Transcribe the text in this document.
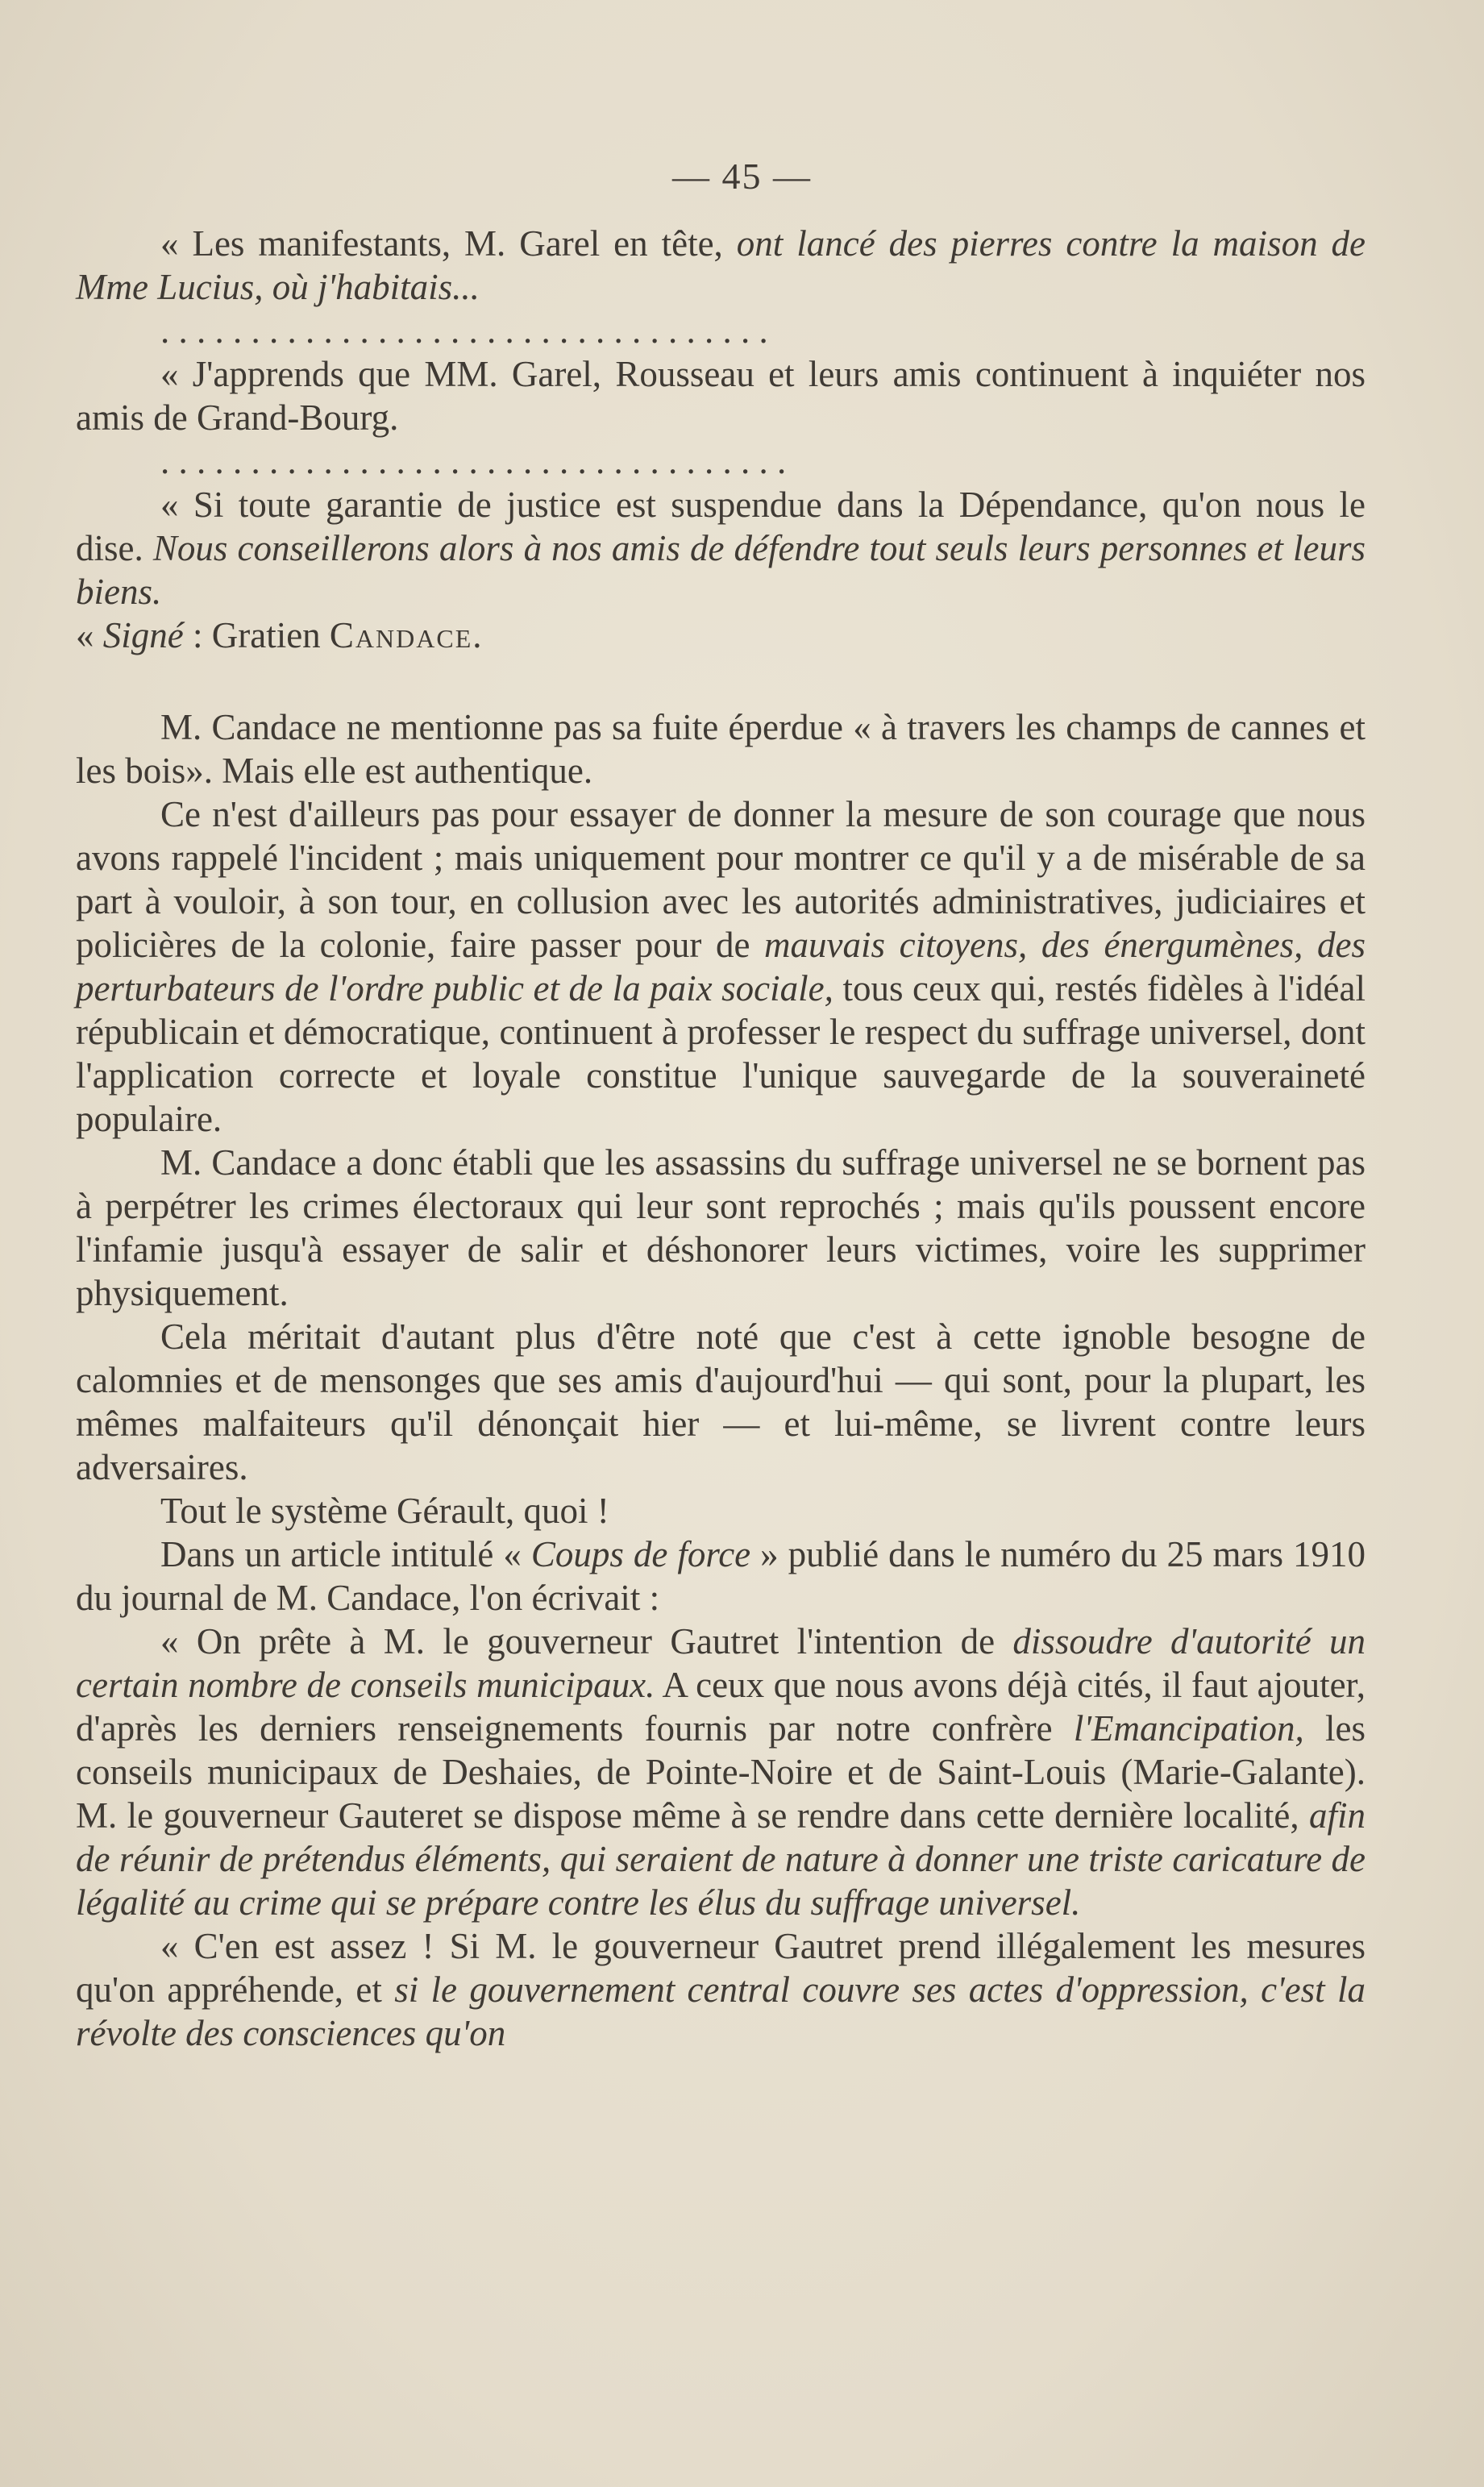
— 45 —

« Les manifestants, M. Garel en tête, ont lancé des pierres contre la maison de Mme Lucius, où j'habitais...

. . . . . . . . . . . . . . . . . . . . . . . . . . . . . . . . . .

« J'apprends que MM. Garel, Rousseau et leurs amis continuent à inquiéter nos amis de Grand-Bourg.

. . . . . . . . . . . . . . . . . . . . . . . . . . . . . . . . . . .

« Si toute garantie de justice est suspendue dans la Dépendance, qu'on nous le dise. Nous conseillerons alors à nos amis de défendre tout seuls leurs personnes et leurs biens.

« Signé : Gratien Candace.

M. Candace ne mentionne pas sa fuite éperdue « à travers les champs de cannes et les bois». Mais elle est authentique.

Ce n'est d'ailleurs pas pour essayer de donner la mesure de son courage que nous avons rappelé l'incident ; mais uniquement pour montrer ce qu'il y a de misérable de sa part à vouloir, à son tour, en collusion avec les autorités administratives, judiciaires et policières de la colonie, faire passer pour de mauvais citoyens, des énergumènes, des perturbateurs de l'ordre public et de la paix sociale, tous ceux qui, restés fidèles à l'idéal républicain et démocratique, continuent à professer le respect du suffrage universel, dont l'application correcte et loyale constitue l'unique sauvegarde de la souveraineté populaire.

M. Candace a donc établi que les assassins du suffrage universel ne se bornent pas à perpétrer les crimes électoraux qui leur sont reprochés ; mais qu'ils poussent encore l'infamie jusqu'à essayer de salir et déshonorer leurs victimes, voire les supprimer physiquement.

Cela méritait d'autant plus d'être noté que c'est à cette ignoble besogne de calomnies et de mensonges que ses amis d'aujourd'hui — qui sont, pour la plupart, les mêmes malfaiteurs qu'il dénonçait hier — et lui-même, se livrent contre leurs adversaires.

Tout le système Gérault, quoi !

Dans un article intitulé « Coups de force » publié dans le numéro du 25 mars 1910 du journal de M. Candace, l'on écrivait :

« On prête à M. le gouverneur Gautret l'intention de dissoudre d'autorité un certain nombre de conseils municipaux. A ceux que nous avons déjà cités, il faut ajouter, d'après les derniers renseignements fournis par notre confrère l'Emancipation, les conseils municipaux de Deshaies, de Pointe-Noire et de Saint-Louis (Marie-Galante). M. le gouverneur Gauteret se dispose même à se rendre dans cette dernière localité, afin de réunir de prétendus éléments, qui seraient de nature à donner une triste caricature de légalité au crime qui se prépare contre les élus du suffrage universel.

« C'en est assez ! Si M. le gouverneur Gautret prend illégalement les mesures qu'on appréhende, et si le gouvernement central couvre ses actes d'oppression, c'est la révolte des consciences qu'on
